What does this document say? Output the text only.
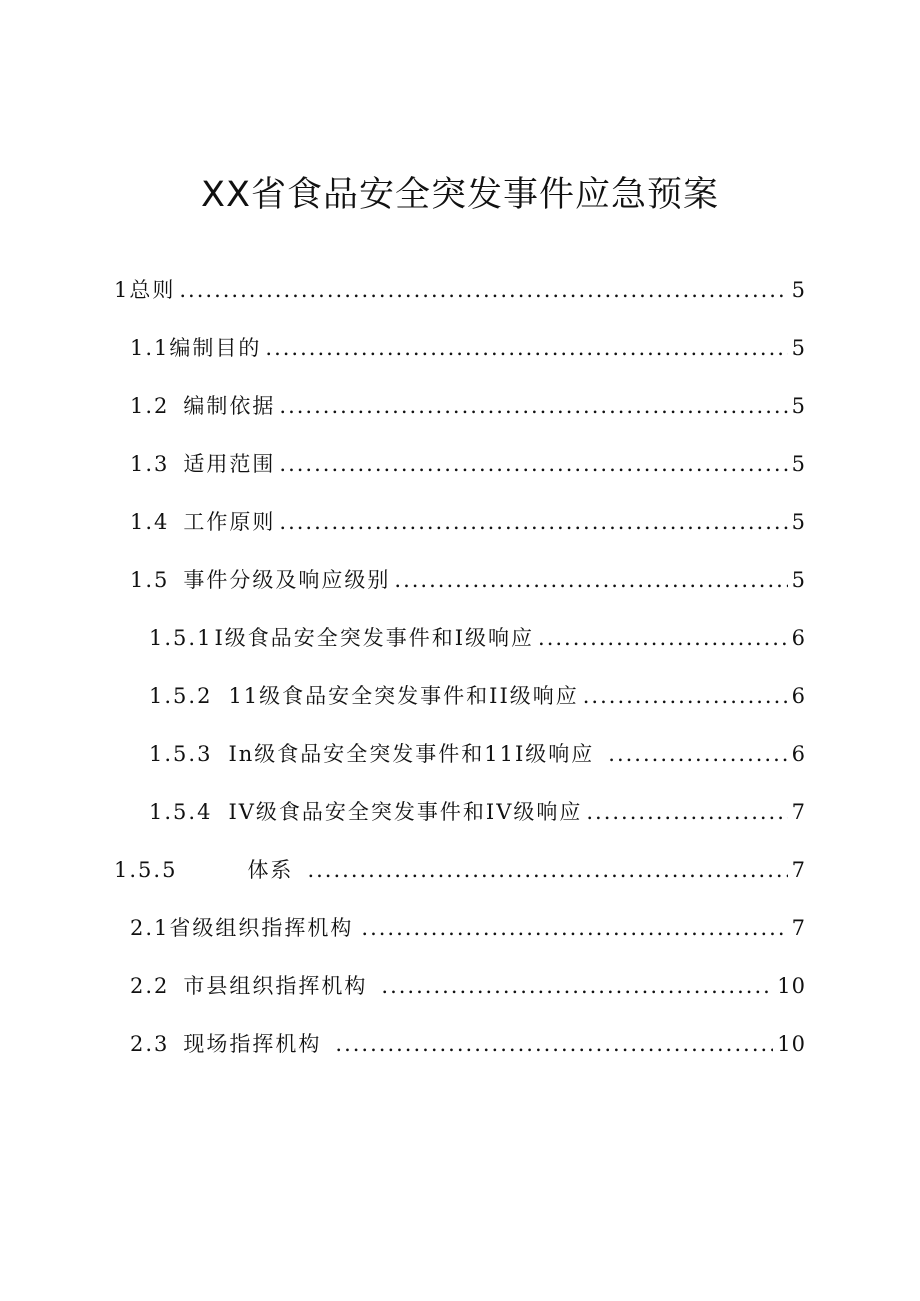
XX省食品安全突发事件应急预案
1 总则 .....	5
1.1 编制目的 .....	5
1.2 编制依据 .....	5
1.3 适用范围 .....	5
1.4 工作原则 .....	5
1.5 事件分级及响应级别 .....	5
1.5.1 I级食品安全突发事件和Ⅰ级响应 .....	6
1.5.2 11级食品安全突发事件和II级响应 .....	6
1.5.3 In级食品安全突发事件和11I级响应 .....	6
1.5.4 IV级食品安全突发事件和IV级响应 .....	7
1.5.5	体系 .....	7
2.1 省级组织指挥机构 .....	7
2.2 市县组织指挥机构 .....	10
2.3 现场指挥机构 .....	10
